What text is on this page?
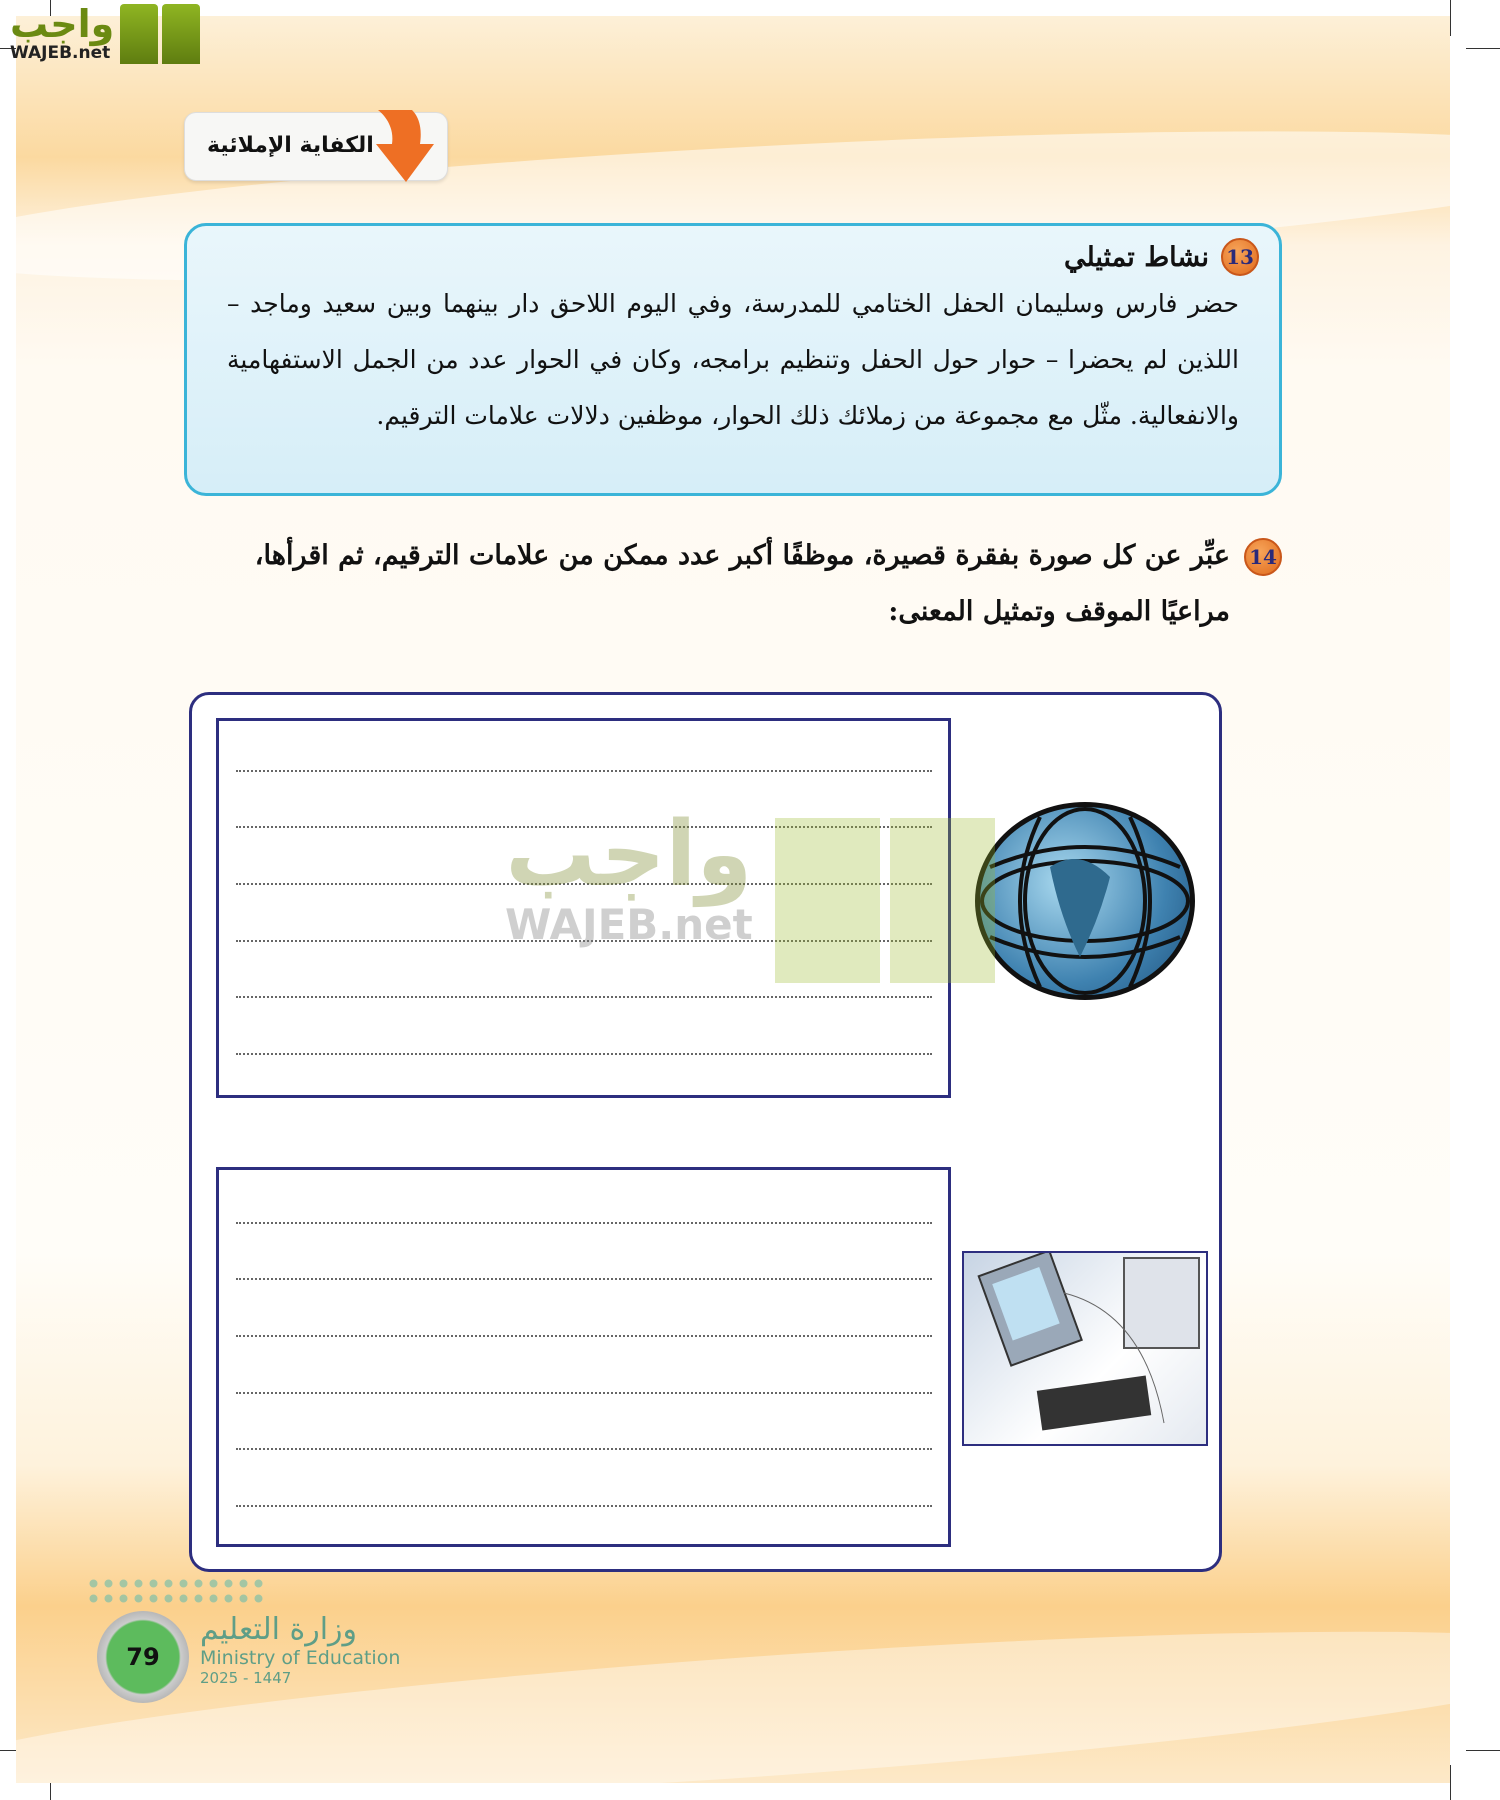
واجب
WAJEB.net
الكفاية الإملائية
13
نشاط تمثيلي

حضر فارس وسليمان الحفل الختامي للمدرسة، وفي اليوم اللاحق دار بينهما وبين سعيد وماجد – اللذين لم يحضرا – حوار حول الحفل وتنظيم برامجه، وكان في الحوار عدد من الجمل الاستفهامية والانفعالية. مثّل مع مجموعة من زملائك ذلك الحوار، موظفين دلالات علامات الترقيم.

14
عبِّر عن كل صورة بفقرة قصيرة، موظفًا أكبر عدد ممكن من علامات الترقيم، ثم اقرأها، مراعيًا الموقف وتمثيل المعنى:
واجب
WAJEB.net
79
وزارة التعليم
Ministry of Education
2025 - 1447
